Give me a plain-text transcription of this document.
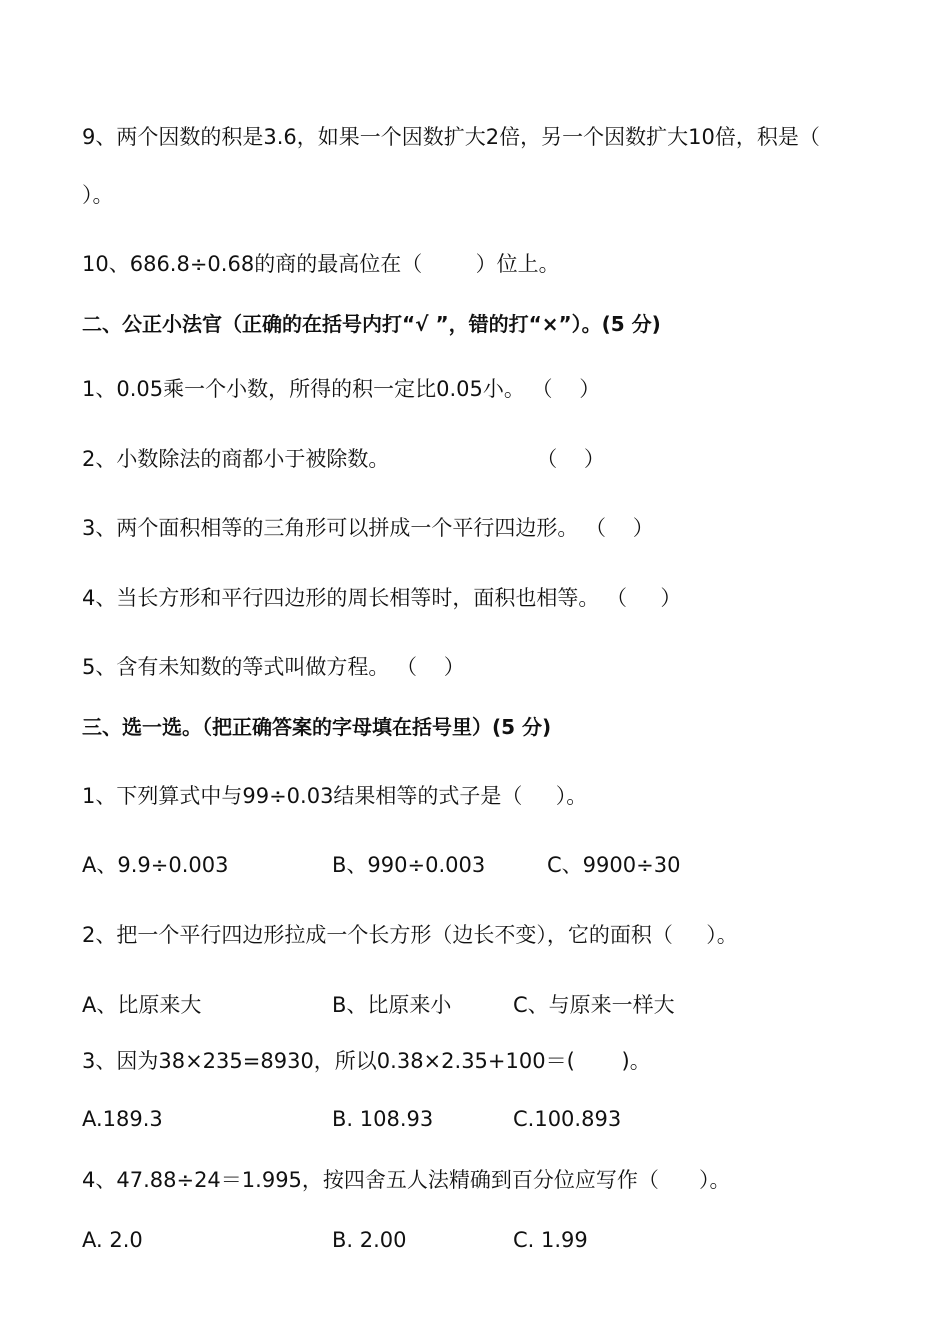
9、两个因数的积是3.6，如果一个因数扩大2倍，另一个因数扩大10倍，积是（
）。
10、686.8÷0.68的商的最高位在（        ）位上。
二、公正小法官（正确的在括号内打“√ ”，错的打“×”）。(5 分)
1、0.05乘一个小数，所得的积一定比0.05小。 （    ）
2、小数除法的商都小于被除数。                      （    ）
3、两个面积相等的三角形可以拼成一个平行四边形。 （    ）
4、当长方形和平行四边形的周长相等时，面积也相等。 （     ）
5、含有未知数的等式叫做方程。 （    ）
三、选一选。（把正确答案的字母填在括号里）(5 分)
1、下列算式中与99÷0.03结果相等的式子是（     ）。
A、9.9÷0.003	B、990÷0.003	C、9900÷30
2、把一个平行四边形拉成一个长方形（边长不变），它的面积（     ）。
A、比原来大	B、比原来小	C、与原来一样大
3、因为38×235=8930，所以0.38×2.35+100＝(       )。
A.189.3	B. 108.93	C.100.893
4、47.88÷24＝1.995，按四舍五人法精确到百分位应写作（      ）。
A. 2.0	B. 2.00	C. 1.99
